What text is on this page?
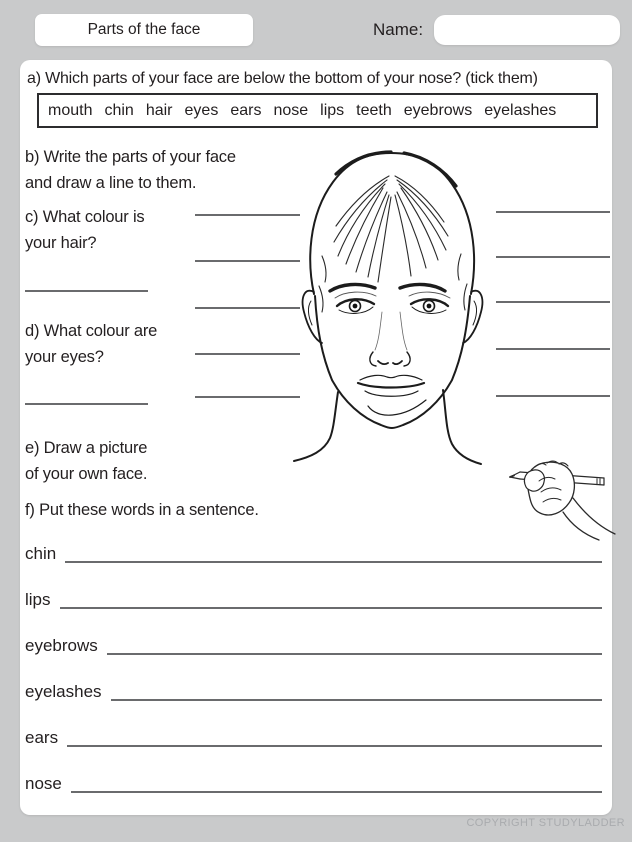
Parts of the face	Name:
a) Which parts of your face are below the bottom of your nose? (tick them)
mouth chin hair eyes ears nose lips teeth eyebrows eyelashes
b) Write the parts of your face
and draw a line to them.
c) What colour is
your hair?
d) What colour are
your eyes?
e) Draw a picture
of your own face.
f) Put these words in a sentence.
chin
lips
eyebrows
eyelashes
ears
nose
COPYRIGHT STUDYLADDER
